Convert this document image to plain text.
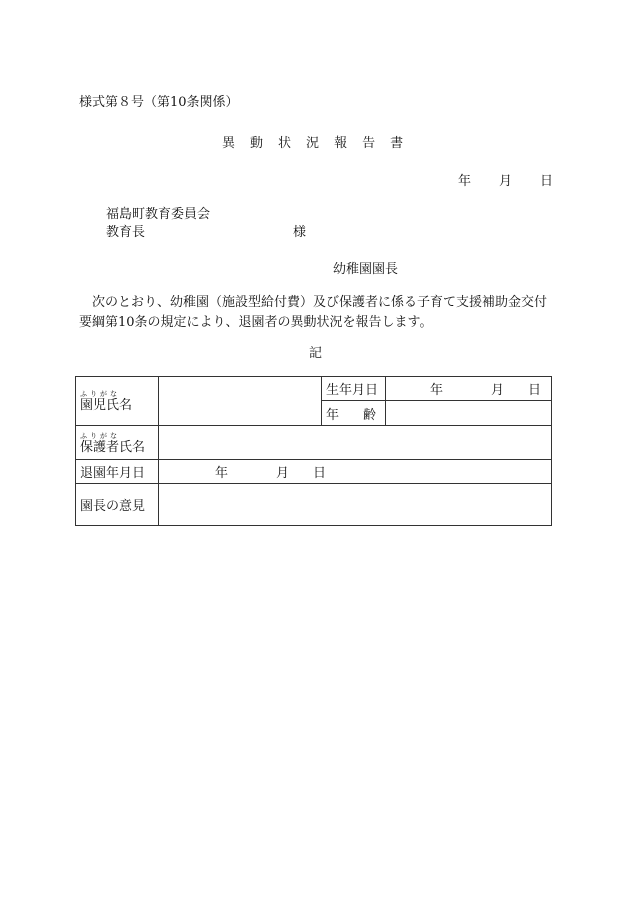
様式第８号（第10条関係）
異 動 状 況 報 告 書
年 月 日
福島町教育委員会
教育長	様
幼稚園園長
　次のとおり、幼稚園（施設型給付費）及び保護者に係る子育て支援補助金交付要綱第10条の規定により、退園者の異動状況を報告します。
記
ふりがな
園児氏名		生年月日	年 月 日
		年 齢	

ふりがな
保護者氏名			

退園年月日	年 月 日		
園長の意見			
